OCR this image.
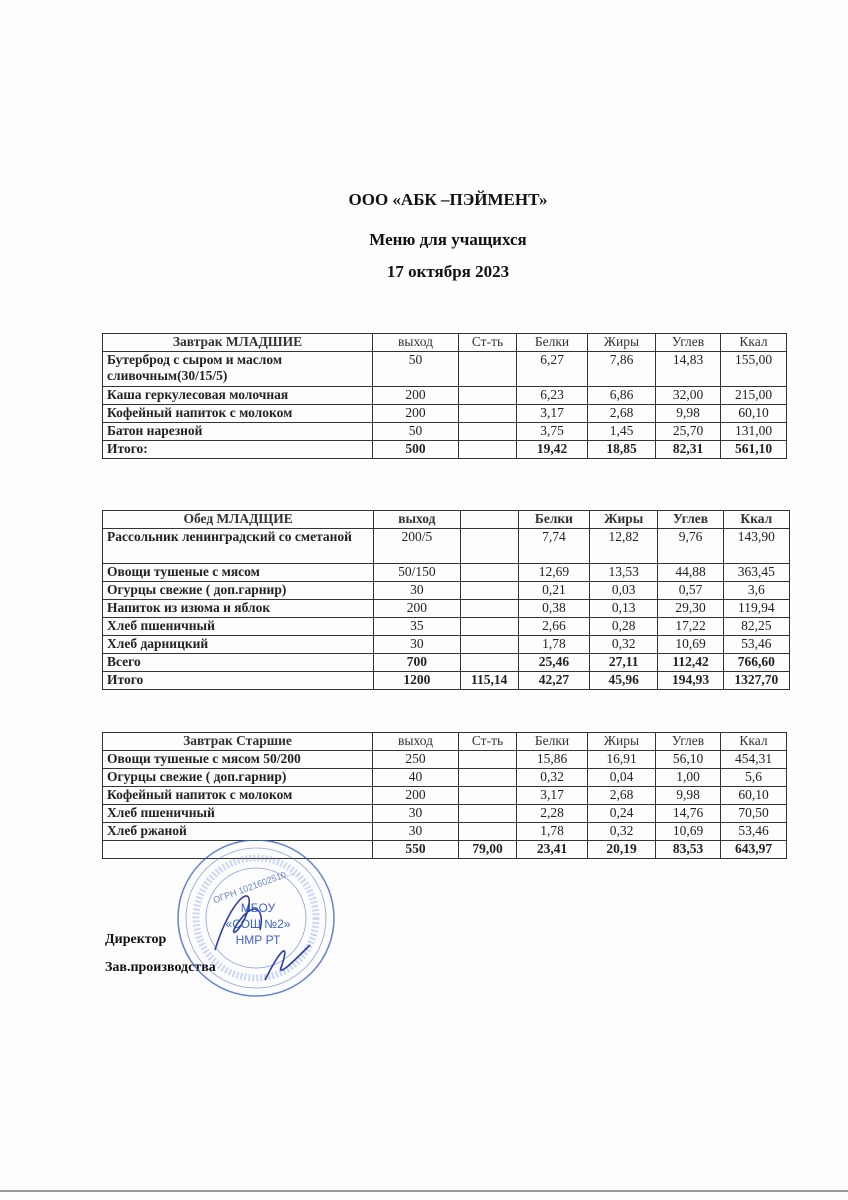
ООО «АБК –ПЭЙМЕНТ»
Меню для учащихся
17 октября 2023
Завтрак МЛАДШИЕ	выход	Ст-ть	Белки	Жиры	Углев	Ккал
Бутерброд с сыром и маслом сливочным(30/15/5)	50		6,27	7,86	14,83	155,00
Каша геркулесовая молочная	200		6,23	6,86	32,00	215,00
Кофейный напиток с молоком	200		3,17	2,68	9,98	60,10
Батон нарезной	50		3,75	1,45	25,70	131,00
Итого:	500		19,42	18,85	82,31	561,10
Обед МЛАДЩИЕ	выход		Белки	Жиры	Углев	Ккал
Рассольник ленинградский со сметаной	200/5		7,74	12,82	9,76	143,90
Овощи тушеные с мясом	50/150		12,69	13,53	44,88	363,45
Огурцы свежие ( доп.гарнир)	30		0,21	0,03	0,57	3,6
Напиток из изюма и яблок	200		0,38	0,13	29,30	119,94
Хлеб пшеничный	35		2,66	0,28	17,22	82,25
Хлеб дарницкий	30		1,78	0,32	10,69	53,46
Всего	700		25,46	27,11	112,42	766,60
Итого	1200	115,14	42,27	45,96	194,93	1327,70
Завтрак Старшие	выход	Ст-ть	Белки	Жиры	Углев	Ккал
Овощи тушеные с мясом 50/200	250		15,86	16,91	56,10	454,31
Огурцы свежие ( доп.гарнир)	40		0,32	0,04	1,00	5,6
Кофейный напиток с молоком	200		3,17	2,68	9,98	60,10
Хлеб пшеничный	30		2,28	0,24	14,76	70,50
Хлеб ржаной	30		1,78	0,32	10,69	53,46
	550	79,00	23,41	20,19	83,53	643,97
Директор
Зав.производства
ОГРН 1021602510...
МБОУ
«СОШ №2»
НМР РТ
